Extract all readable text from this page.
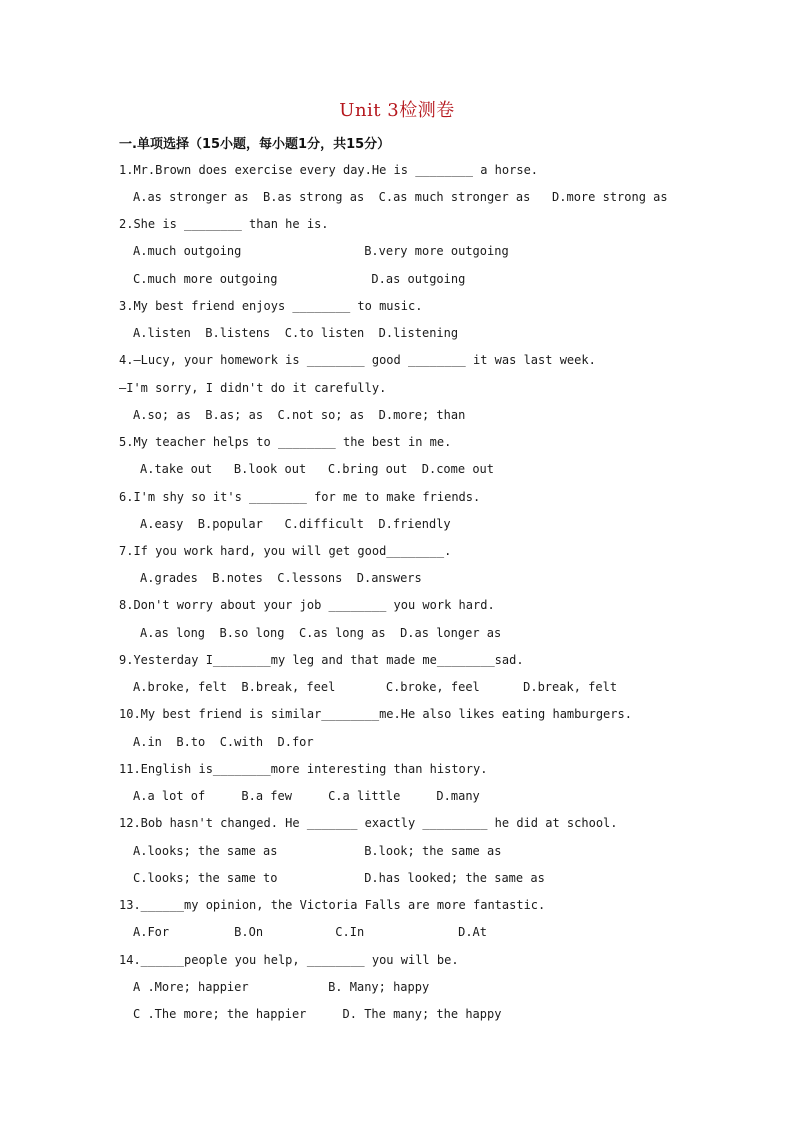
Unit 3检测卷
一.单项选择（15小题，每小题1分，共15分）
1.Mr.Brown does exercise every day.He is ________ a horse.
A.as stronger as  B.as strong as  C.as much stronger as   D.more strong as
2.She is ________ than he is.
A.much outgoing                 B.very more outgoing
C.much more outgoing             D.as outgoing
3.My best friend enjoys ________ to music.
A.listen  B.listens  C.to listen  D.listening
4.—Lucy, your homework is ________ good ________ it was last week.
—I'm sorry, I didn't do it carefully.
A.so; as  B.as; as  C.not so; as  D.more; than
5.My teacher helps to ________ the best in me.
A.take out   B.look out   C.bring out  D.come out
6.I'm shy so it's ________ for me to make friends.
A.easy  B.popular   C.difficult  D.friendly
7.If you work hard, you will get good________.
A.grades  B.notes  C.lessons  D.answers
8.Don't worry about your job ________ you work hard.
A.as long  B.so long  C.as long as  D.as longer as
9.Yesterday I________my leg and that made me________sad.
A.broke, felt  B.break, feel       C.broke, feel      D.break, felt
10.My best friend is similar________me.He also likes eating hamburgers.
A.in  B.to  C.with  D.for
11.English is________more interesting than history.
A.a lot of     B.a few     C.a little     D.many
12.Bob hasn't changed. He _______ exactly _________ he did at school.
A.looks; the same as            B.look; the same as
C.looks; the same to            D.has looked; the same as
13.______my opinion, the Victoria Falls are more fantastic.
A.For         B.On          C.In             D.At
14.______people you help, ________ you will be.
A .More; happier           B. Many; happy
C .The more; the happier     D. The many; the happy
